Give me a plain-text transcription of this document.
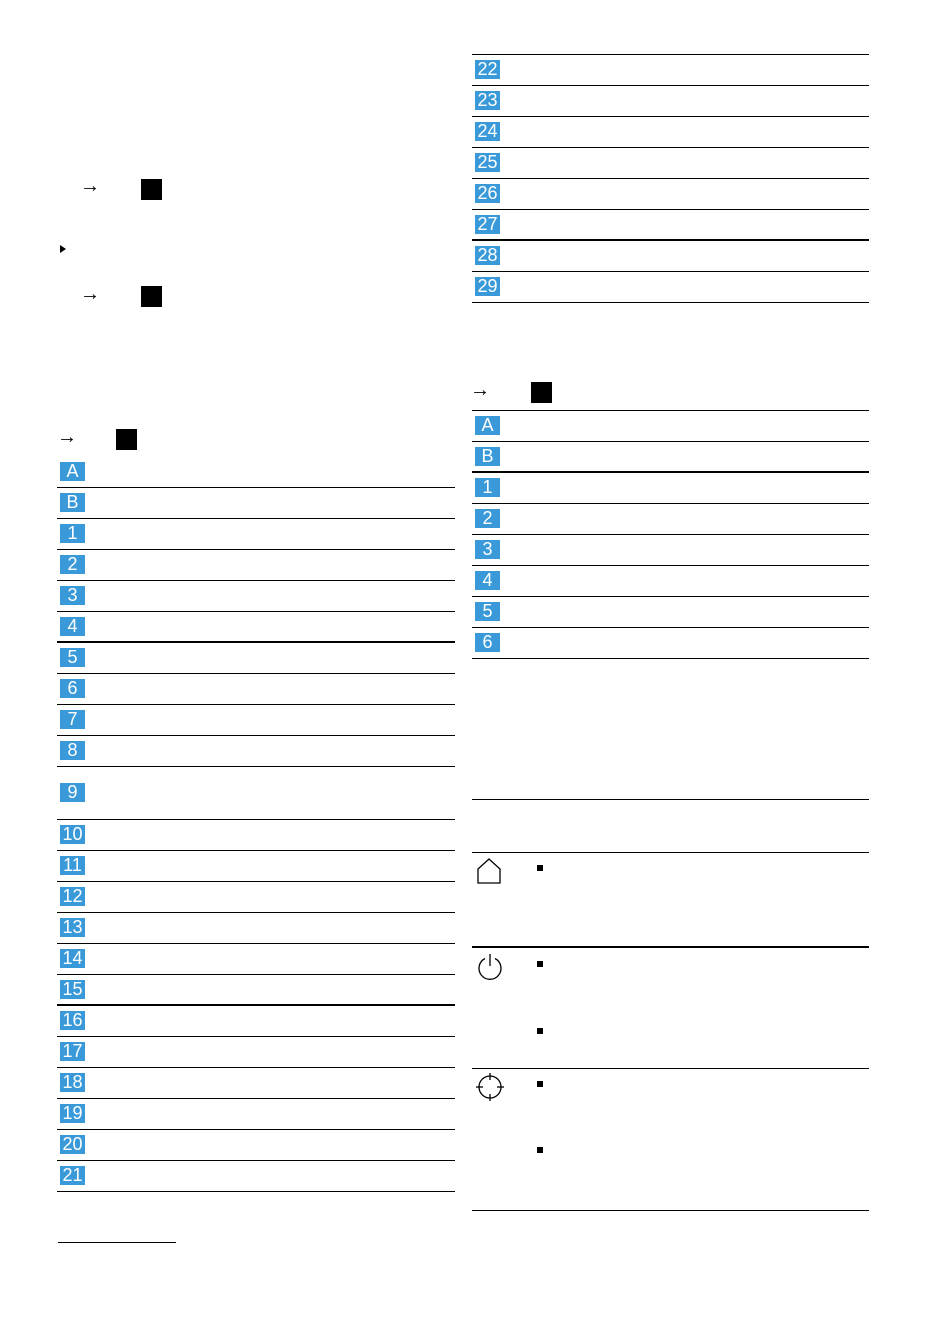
→
→
→
A
B
1
2
3
4
5
6
7
8
9
10
11
12
13
14
15
16
17
18
19
20
21
22
23
24
25
26
27
28
29
→
A
B
1
2
3
4
5
6
